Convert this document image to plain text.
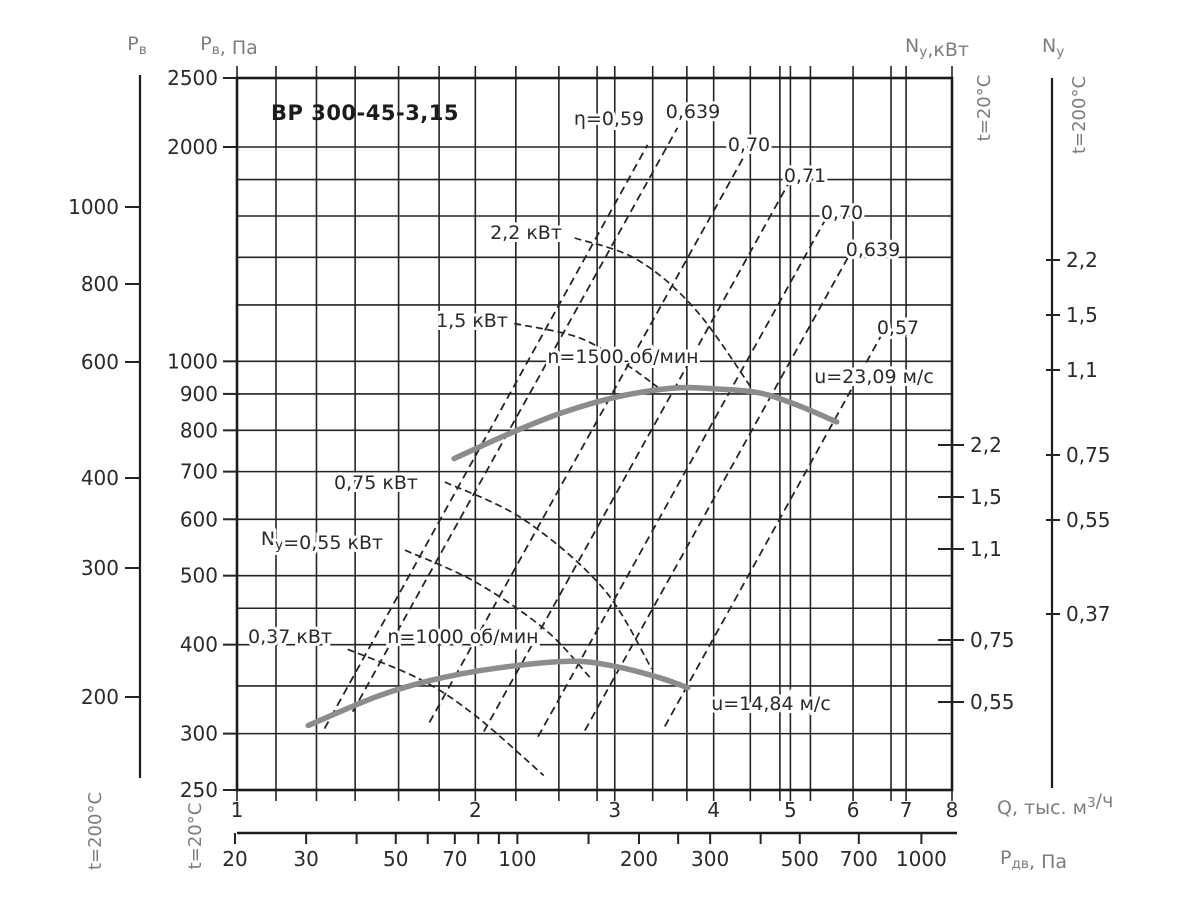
2500
2000
1000
900
800
700
600
500
400
300
250
$P_в$, Па
t=20°С
1000
800
600
400
300
200
$P_в$
t=200°С
2,2
1,5
1,1
0,75
0,55
$N_у,кВт$
t=20°С
2,2
1,5
1,1
0,75
0,55
0,37
$N_у$
t=200°С
1	2	3	4	5 6 7 8 Q, тыс. $м^3/ч$
20 30	50 70 100	200 300	500 700 1000	$P_{дв}$, Па
η=0,59 0,639
0,70
0,71
0,70
0,639
0,57
u=23,09 м/с
2,2 кВт
1,5 кВт
n=1500 об/мин
0,75 кВт
$N_у=0,55$ кВт
0,37 кВт	n=1000 об/мин
u=14,84 м/с
ВР 300-45-3,15
